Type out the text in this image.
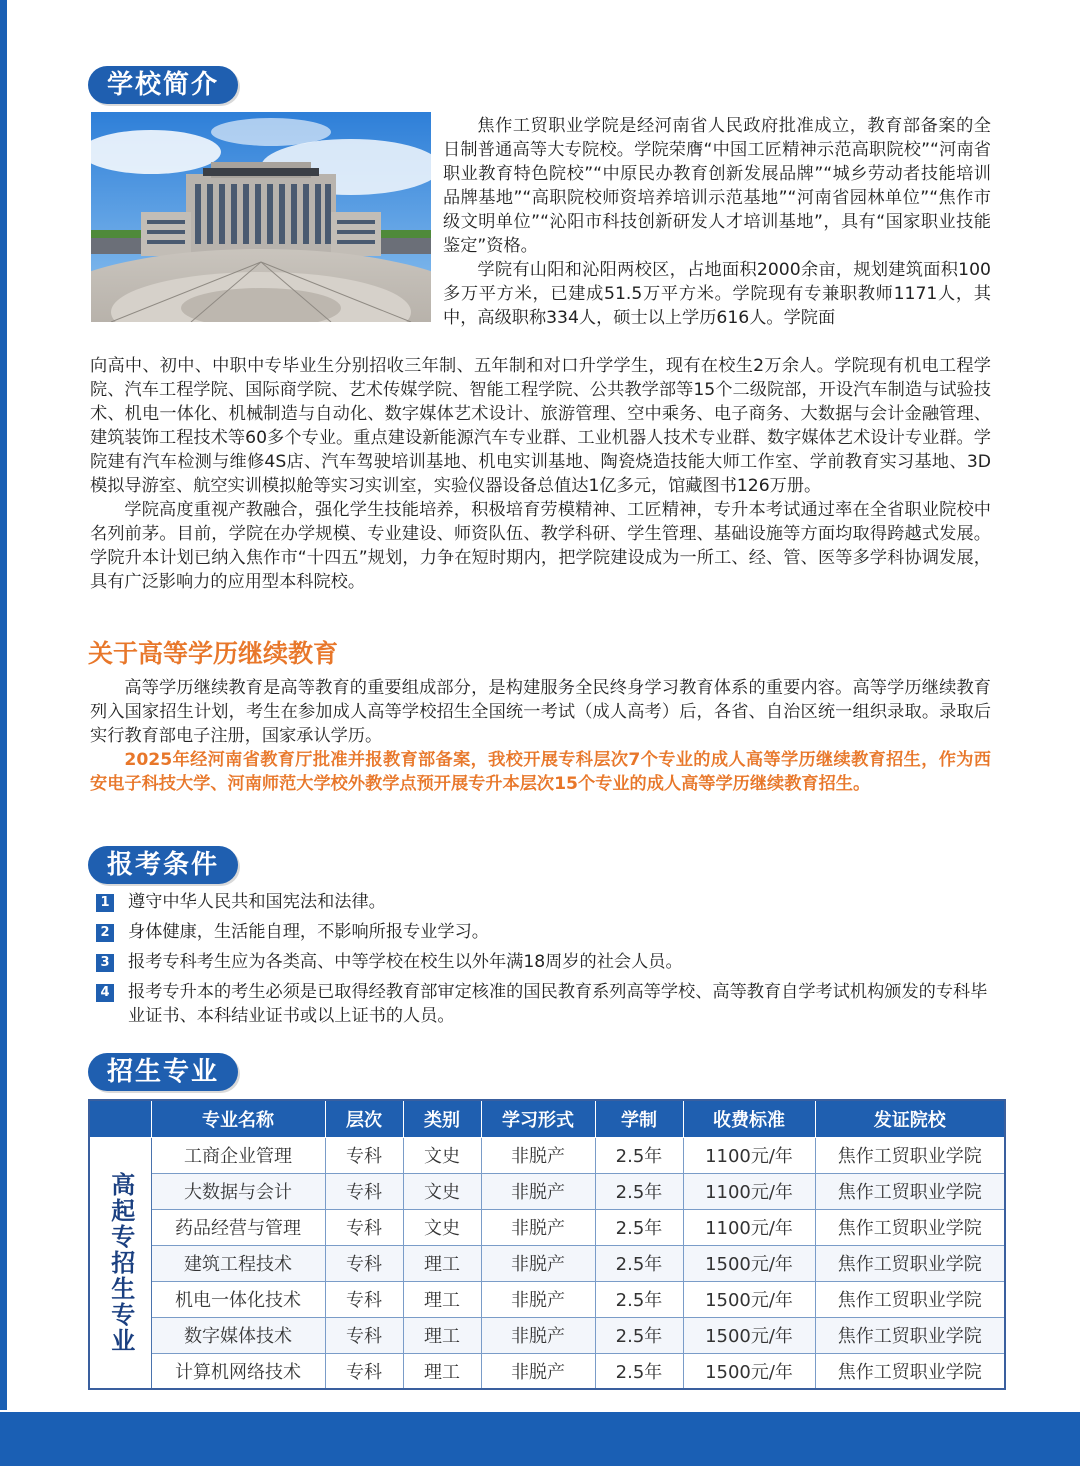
学校简介

焦作工贸职业学院是经河南省人民政府批准成立，教育部备案的全日制普通高等大专院校。学院荣膺“中国工匠精神示范高职院校”“河南省职业教育特色院校”“中原民办教育创新发展品牌”“城乡劳动者技能培训品牌基地”“高职院校师资培养培训示范基地”“河南省园林单位”“焦作市级文明单位”“沁阳市科技创新研发人才培训基地”，具有“国家职业技能鉴定”资格。

学院有山阳和沁阳两校区，占地面积2000余亩，规划建筑面积100多万平方米，已建成51.5万平方米。学院现有专兼职教师1171人，其中，高级职称334人，硕士以上学历616人。学院面

向高中、初中、中职中专毕业生分别招收三年制、五年制和对口升学学生，现有在校生2万余人。学院现有机电工程学院、汽车工程学院、国际商学院、艺术传媒学院、智能工程学院、公共教学部等15个二级院部，开设汽车制造与试验技术、机电一体化、机械制造与自动化、数字媒体艺术设计、旅游管理、空中乘务、电子商务、大数据与会计金融管理、建筑装饰工程技术等60多个专业。重点建设新能源汽车专业群、工业机器人技术专业群、数字媒体艺术设计专业群。学院建有汽车检测与维修4S店、汽车驾驶培训基地、机电实训基地、陶瓷烧造技能大师工作室、学前教育实习基地、3D模拟导游室、航空实训模拟舱等实习实训室，实验仪器设备总值达1亿多元，馆藏图书126万册。

学院高度重视产教融合，强化学生技能培养，积极培育劳模精神、工匠精神，专升本考试通过率在全省职业院校中名列前茅。目前，学院在办学规模、专业建设、师资队伍、教学科研、学生管理、基础设施等方面均取得跨越式发展。学院升本计划已纳入焦作市“十四五”规划，力争在短时期内，把学院建设成为一所工、经、管、医等多学科协调发展，具有广泛影响力的应用型本科院校。

关于高等学历继续教育

高等学历继续教育是高等教育的重要组成部分，是构建服务全民终身学习教育体系的重要内容。高等学历继续教育列入国家招生计划，考生在参加成人高等学校招生全国统一考试（成人高考）后，各省、自治区统一组织录取。录取后实行教育部电子注册，国家承认学历。

2025年经河南省教育厅批准并报教育部备案，我校开展专科层次7个专业的成人高等学历继续教育招生，作为西安电子科技大学、河南师范大学校外教学点预开展专升本层次15个专业的成人高等学历继续教育招生。

报考条件
1 遵守中华人民共和国宪法和法律。
2 身体健康，生活能自理，不影响所报专业学习。
3 报考专科考生应为各类高、中等学校在校生以外年满18周岁的社会人员。
4 报考专升本的考生必须是已取得经教育部审定核准的国民教育系列高等学校、高等教育自学考试机构颁发的专科毕业证书、本科结业证书或以上证书的人员。
招生专业
	专业名称	层次	类别	学习形式	学制	收费标准	发证院校
高起专招生专业	工商企业管理	专科	文史	非脱产	2.5年	1100元/年	焦作工贸职业学院
	大数据与会计	专科	文史	非脱产	2.5年	1100元/年	焦作工贸职业学院
	药品经营与管理	专科	文史	非脱产	2.5年	1100元/年	焦作工贸职业学院
	建筑工程技术	专科	理工	非脱产	2.5年	1500元/年	焦作工贸职业学院
	机电一体化技术	专科	理工	非脱产	2.5年	1500元/年	焦作工贸职业学院
	数字媒体技术	专科	理工	非脱产	2.5年	1500元/年	焦作工贸职业学院
	计算机网络技术	专科	理工	非脱产	2.5年	1500元/年	焦作工贸职业学院
